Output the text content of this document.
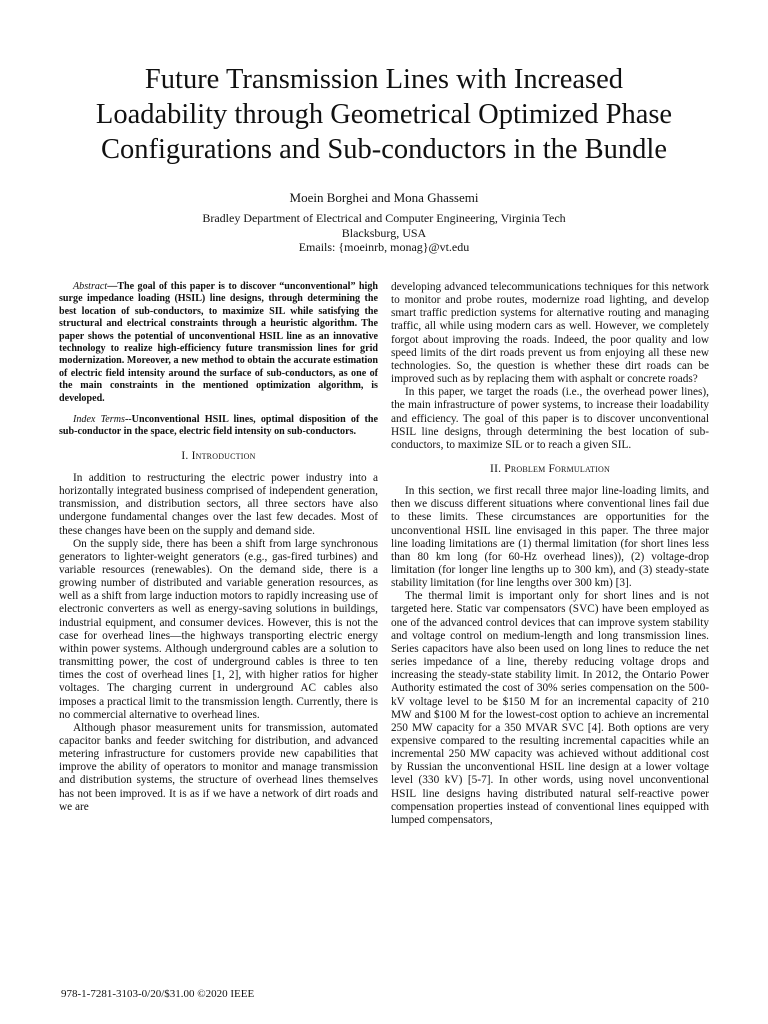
Future Transmission Lines with Increased
Loadability through Geometrical Optimized Phase
Configurations and Sub-conductors in the Bundle
Moein Borghei and Mona Ghassemi
Bradley Department of Electrical and Computer Engineering, Virginia Tech
Blacksburg, USA
Emails: {moeinrb, monag}@vt.edu

Abstract—The goal of this paper is to discover “unconventional” high surge impedance loading (HSIL) line designs, through determining the best location of sub-conductors, to maximize SIL while satisfying the structural and electrical constraints through a heuristic algorithm. The paper shows the potential of unconventional HSIL line as an innovative technology to realize high-efficiency future transmission lines for grid modernization. Moreover, a new method to obtain the accurate estimation of electric field intensity around the surface of sub-conductors, as one of the main constraints in the mentioned optimization algorithm, is developed.

Index Terms--Unconventional HSIL lines, optimal disposition of the sub-conductor in the space, electric field intensity on sub-conductors.

I. Introduction

In addition to restructuring the electric power industry into a horizontally integrated business comprised of independent generation, transmission, and distribution sectors, all three sectors have also undergone fundamental changes over the last few decades. Most of these changes have been on the supply and demand side.

On the supply side, there has been a shift from large synchronous generators to lighter-weight generators (e.g., gas-fired turbines) and variable resources (renewables). On the demand side, there is a growing number of distributed and variable generation resources, as well as a shift from large induction motors to rapidly increasing use of electronic converters as well as energy-saving solutions in buildings, industrial equipment, and consumer devices. However, this is not the case for overhead lines—the highways transporting electric energy within power systems. Although underground cables are a solution to transmitting power, the cost of underground cables is three to ten times the cost of overhead lines [1, 2], with higher ratios for higher voltages. The charging current in underground AC cables also imposes a practical limit to the transmission length. Currently, there is no commercial alternative to overhead lines.

Although phasor measurement units for transmission, automated capacitor banks and feeder switching for distribution, and advanced metering infrastructure for customers provide new capabilities that improve the ability of operators to monitor and manage transmission and distribution systems, the structure of overhead lines themselves has not been improved. It is as if we have a network of dirt roads and we are

developing advanced telecommunications techniques for this network to monitor and probe routes, modernize road lighting, and develop smart traffic prediction systems for alternative routing and managing traffic, all while using modern cars as well. However, we completely forgot about improving the roads. Indeed, the poor quality and low speed limits of the dirt roads prevent us from enjoying all these new technologies. So, the question is whether these dirt roads can be improved such as by replacing them with asphalt or concrete roads?

In this paper, we target the roads (i.e., the overhead power lines), the main infrastructure of power systems, to increase their loadability and efficiency. The goal of this paper is to discover unconventional HSIL line designs, through determining the best location of sub-conductors, to maximize SIL or to reach a given SIL.

II. Problem Formulation

In this section, we first recall three major line-loading limits, and then we discuss different situations where conventional lines fail due to these limits. These circumstances are opportunities for the unconventional HSIL line envisaged in this paper. The three major line loading limitations are (1) thermal limitation (for short lines less than 80 km long (for 60-Hz overhead lines)), (2) voltage-drop limitation (for longer line lengths up to 300 km), and (3) steady-state stability limitation (for line lengths over 300 km) [3].

The thermal limit is important only for short lines and is not targeted here. Static var compensators (SVC) have been employed as one of the advanced control devices that can improve system stability and voltage control on medium-length and long transmission lines. Series capacitors have also been used on long lines to reduce the net series impedance of a line, thereby reducing voltage drops and increasing the steady-state stability limit. In 2012, the Ontario Power Authority estimated the cost of 30% series compensation on the 500-kV voltage level to be $150 M for an incremental capacity of 210 MW and $100 M for the lowest-cost option to achieve an incremental 250 MW capacity for a 350 MVAR SVC [4]. Both options are very expensive compared to the resulting incremental capacities while an incremental 250 MW capacity was achieved without additional cost by Russian the unconventional HSIL line design at a lower voltage level (330 kV) [5-7]. In other words, using novel unconventional HSIL line designs having distributed natural self-reactive power compensation properties instead of conventional lines equipped with lumped compensators,

978-1-7281-3103-0/20/$31.00 ©2020 IEEE
